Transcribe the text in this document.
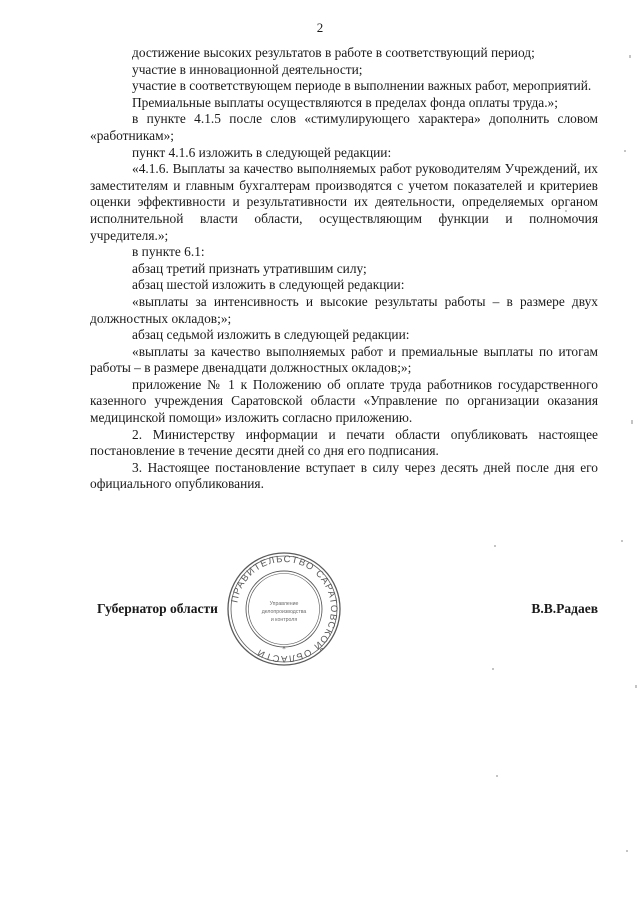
2

достижение высоких результатов в работе в соответствующий период;

участие в инновационной деятельности;

участие в соответствующем периоде в выполнении важных работ, мероприятий.

Премиальные выплаты осуществляются в пределах фонда оплаты труда.»;

в пункте 4.1.5 после слов «стимулирующего характера» дополнить словом «работникам»;

пункт 4.1.6 изложить в следующей редакции:

«4.1.6. Выплаты за качество выполняемых работ руководителям Учреждений, их заместителям и главным бухгалтерам производятся с учетом показателей и критериев оценки эффективности и результативности их деятельности, определяемых органом исполнительной власти области, осуществляющим функции и полномочия учредителя.»;

в пункте 6.1:

абзац третий признать утратившим силу;

абзац шестой изложить в следующей редакции:

«выплаты за интенсивность и высокие результаты работы – в размере двух должностных окладов;»;

абзац седьмой изложить в следующей редакции:

«выплаты за качество выполняемых работ и премиальные выплаты по итогам работы – в размере двенадцати должностных окладов;»;

приложение № 1 к Положению об оплате труда работников государственного казенного учреждения Саратовской области «Управление по организации оказания медицинской помощи» изложить согласно приложению.

2. Министерству информации и печати области опубликовать настоящее постановление в течение десяти дней со дня его подписания.

3. Настоящее постановление вступает в силу через десять дней после дня его официального опубликования.

Губернатор области	В.В.Радаев
ПРАВИТЕЛЬСТВО САРАТОВСКОЙ ОБЛАСТИ
Управление
делопроизводства
и контроля
*
